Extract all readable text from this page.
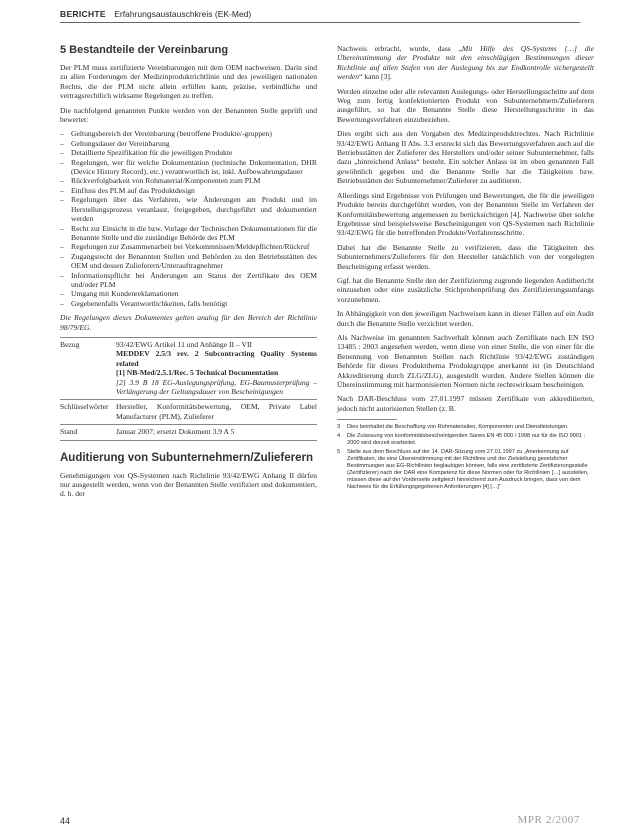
BERICHTE Erfahrungsaustauschkreis (EK-Med)
5 Bestandteile der Vereinbarung

Der PLM muss zertifizierte Vereinbarungen mit dem OEM nachweisen. Darin sind zu allen Forderungen der Medizinproduktrichtlinie und des jeweiligen nationalen Rechts, die der PLM nicht allein erfüllen kann, präzise, verbindliche und vertragsrechtlich wirksame Regelungen zu treffen.

Die nachfolgend genannten Punkte werden von der Benannten Stelle geprüft und bewertet:

– Geltungsbereich der Vereinbarung (betroffene Produkte/-gruppen)
– Geltungsdauer der Vereinbarung
– Detaillierte Spezifikation für die jeweiligen Produkte
– Regelungen, wer für welche Dokumentation (technische Dokumentation, DHR (Device History Record), etc.) verantwortlich ist, inkl. Aufbewahrungsdauer
– Rückverfolgbarkeit von Rohmaterial/Komponenten zum PLM
– Einfluss des PLM auf das Produktdesign
– Regelungen über das Verfahren, wie Änderungen am Produkt und im Herstellungsprozess veranlasst, freigegeben, durchgeführt und dokumentiert werden
– Recht zur Einsicht in die bzw. Vorlage der Technischen Dokumentationen für die Benannte Stelle und die zuständige Behörde des PLM
– Regelungen zur Zusammenarbeit bei Vorkommnissen/Meldepflichten/Rückruf
– Zugangsrecht der Benannten Stellen und Behörden zu den Betriebsstätten des OEM und dessen Zulieferern/Unterauftragnehmer
– Informationspflicht bei Änderungen am Status der Zertifikate des OEM und/oder PLM
– Umgang mit Kundenreklamationen
– Gegebenenfalls Verantwortlichkeiten, falls benötigt

Die Regelungen dieses Dokumentes gelten analog für den Bereich der Richtlinie 98/79/EG.

Bezug	93/42/EWG Artikel 11 und Anhänge II – VII
MEDDEV 2.5/3 rev. 2 Subcontracting Quality Systems related
[1] NB-Med/2.5.1/Rec. 5 Technical Documentation
[2] 3.9 B 18 EG-Auslegungsprüfung, EG-Baumusterprüfung – Verlängerung der Geltungsdauer von Bescheinigungen

Schlüsselwörter	Hersteller, Konformitätsbewertung, OEM, Private Label Manufacturer (PLM), Zulieferer

Stand	Januar 2007; ersetzt Dokument 3.9 A 5
Auditierung von Subunternehmern/Zulieferern

Genehmigungen von QS-Systemen nach Richtlinie 93/42/EWG Anhang II dürfen nur ausgestellt werden, wenn von der Benannten Stelle verifiziert und dokumentiert, d. h. der

Nachweis erbracht, wurde, dass „Mit Hilfe des QS-Systems […] die Übereinstimmung der Produkte mit den einschlägigen Bestimmungen dieser Richtlinie auf allen Stufen von der Auslegung bis zur Endkontrolle sichergestellt werden“ kann [3].

Werden einzelne oder alle relevanten Auslegungs- oder Herstellungsschritte auf dem Weg zum fertig konfektionierten Produkt von Subunternehmern/Zulieferern ausgeführt, so hat die Benannte Stelle diese Herstellungsschritte in das Bewertungsverfahren einzubeziehen.

Dies ergibt sich aus den Vorgaben des Medizinproduktrechtes. Nach Richtlinie 93/42/EWG Anhang II Abs. 3.3 erstreckt sich das Bewertungsverfahren auch auf die Betriebsstätten der Zulieferer des Herstellers und/oder seiner Subunternehmer, falls dazu „hinreichend Anlass“ besteht. Ein solcher Anlass ist im oben genannten Fall gewöhnlich gegeben und die Benannte Stelle hat die Tätigkeiten bzw. Betriebsstätten der Subunternehmer/Zulieferer zu auditieren.

Allerdings sind Ergebnisse von Prüfungen und Bewertungen, die für die jeweiligen Produkte bereits durchgeführt wurden, von der Benannten Stelle im Verfahren der Konformitätsbewertung angemessen zu berücksichtigen [4]. Nachweise über solche Ergebnisse sind beispielsweise Bescheinigungen von QS-Systemen nach Richtlinie 93/42/EWG für die betreffenden Produkte/Verfahrensschritte.

Dabei hat die Benannte Stelle zu verifizieren, dass die Tätigkeiten des Subunternehmers/Zulieferers für den Hersteller tatsächlich von der vorgelegten Bescheinigung erfasst werden.

Ggf. hat die Benannte Stelle den der Zertifizierung zugrunde liegenden Auditbericht einzusehen oder eine zusätzliche Stichprobenprüfung des Zertifizierungsumfangs vorzunehmen.

In Abhängigkeit von den jeweiligen Nachweisen kann in dieser Fällen auf ein Audit durch die Benannte Stelle verzichtet werden.

Als Nachweise im genannten Sachverhalt können auch Zertifikate nach EN ISO 13485 : 2003 angesehen werden, wenn diese von einer Stelle, die von einer für die Benennung von Benannten Stellen nach Richtlinie 93/42/EWG zuständigen Behörde für dieses Produktthema Produktgruppe anerkannt ist (in Deutschland Akkreditierung durch ZLG/ZLG), ausgestellt wurden. Andere Stellen können die Übereinstimmung mit harmonisierten Normen nicht rechtswirksam bescheinigen.

Nach DAR-Beschluss vom 27.01.1997 müssen Zertifikate von akkreditierten, jedoch nicht autorisierten Stellen (z. B.

3 Dies beinhaltet die Beschaffung von Rohmaterialien, Komponenten und Dienstleistungen.
4 Die Zulassung von konformitätsbescheinigenden Sanes EN 45 000 / 1998 nur für die ISO 9001 : 2000 wird derzeit erarbeitet.
5 Stelle aus dem Beschluss auf der 14. DAR-Sitzung vom 27.01.1997 zu „Anerkennung auf Zertifikaten, die eine Übereinstimmung mit der Richtlinie und der Zielstellung gesetzlicher Bestimmungen aus EG-Richtlinien beglaubigen können, falls eine zertifizierte Zertifizierungsstelle (Zertifizierer) nach der DAR eine Kompetenz für diese Normen oder für Richtlinien […] ausstellen, müssen diese auf der Vorderseite zeitgleich hinreichend zum Ausdruck bringen, dass von dem Nachweis für die Erfüllungsgegebenen Anforderungen [4] […]“
44	MPR 2/2007
